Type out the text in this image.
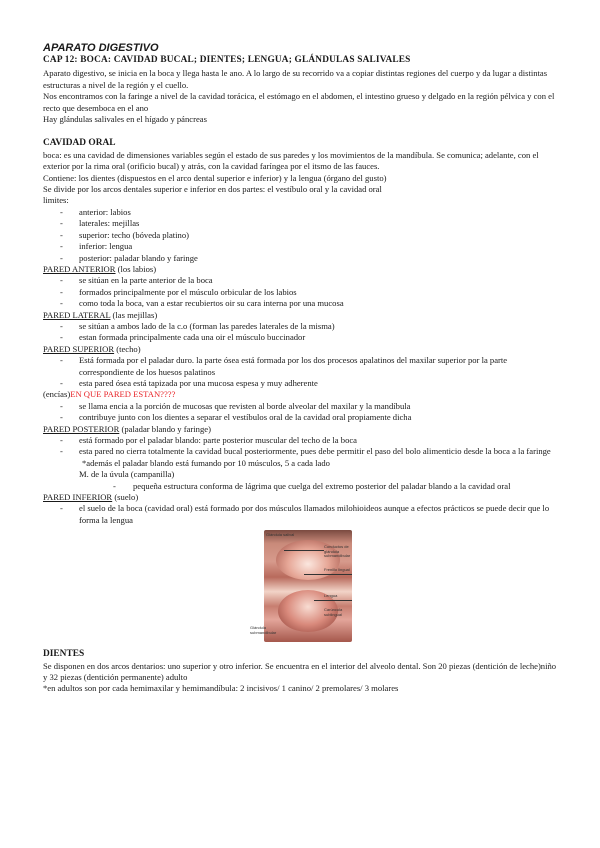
APARATO DIGESTIVO

CAP 12: BOCA: CAVIDAD BUCAL; DIENTES; LENGUA; GLÁNDULAS SALIVALES

Aparato digestivo, se inicia en la boca y llega hasta le ano. A lo largo de su recorrido va a copiar distintas regiones del cuerpo y da lugar a distintas estructuras a nivel de la región y el cuello.

Nos encontramos con la faringe a nivel de la cavidad torácica, el estómago en el abdomen, el intestino grueso y delgado en la región pélvica y con el recto que desemboca en el ano

Hay glándulas salivales en el hígado y páncreas

CAVIDAD ORAL

boca: es una cavidad de dimensiones variables según el estado de sus paredes y los movimientos de la mandíbula. Se comunica; adelante, con el exterior por la rima oral (orificio bucal) y atrás, con la cavidad faríngea por el itsmo de las fauces.

Contiene: los dientes (dispuestos en el arco dental superior e inferior) y la lengua (órgano del gusto)

Se divide por los arcos dentales superior e inferior en dos partes: el vestíbulo oral y la cavidad oral

limites:

- anterior: labios
- laterales: mejillas
- superior: techo (bóveda platino)
- inferior: lengua
- posterior: paladar blando y faringe

PARED ANTERIOR (los labios)

- se sitúan en la parte anterior de la boca
- formados principalmente por el músculo orbicular de los labios
- como toda la boca, van a estar recubiertos oir su cara interna por una mucosa

PARED LATERAL (las mejillas)

- se sitúan a ambos lado de la c.o (forman las paredes laterales de la misma)
- estan formada principalmente cada una oir el músculo buccinador

PARED SUPERIOR (techo)

- Está formada por el paladar duro. la parte ósea está formada por los dos procesos apalatinos del maxilar superior por la parte correspondiente de los huesos palatinos
- esta pared ósea está tapizada por una mucosa espesa y muy adherente

(encías)EN QUE PARED ESTAN????

- se llama encia a la porción de mucosas que revisten al borde alveolar del maxilar y la mandíbula
- contribuye junto con los dientes a separar el vestíbulos oral de la cavidad oral propiamente dicha

PARED POSTERIOR (paladar blando y faringe)

- está formado por el paladar blando: parte posterior muscular del techo de la boca
- esta pared no cierra totalmente la cavidad bucal posteriormente, pues debe permitir el paso del bolo alimenticio desde la boca a la faringe

*además el paladar blando está fumando por 10 músculos, 5 a cada lado

M. de la úvula (campanilla)

- pequeña estructura conforma de lágrima que cuelga del extremo posterior del paladar blando a la cavidad oral

PARED INFERIOR (suelo)

- el suelo de la boca (cavidad oral) está formado por dos músculos llamados milohioideos aunque a efectos prácticos se puede decir que lo forma la lengua
Glándula salival
Conductos de glándula submandibular
Frenillo lingual
Lengua
Carúncula sublingual
Glándula submandibular

DIENTES

Se disponen en dos arcos dentarios: uno superior y otro inferior. Se encuentra en el interior del alveolo dental. Son 20 piezas (dentición de leche)niño y 32 piezas (dentición permanente) adulto

*en adultos son por cada hemimaxilar y hemimandíbula: 2 incisivos/ 1 canino/ 2 premolares/ 3 molares
